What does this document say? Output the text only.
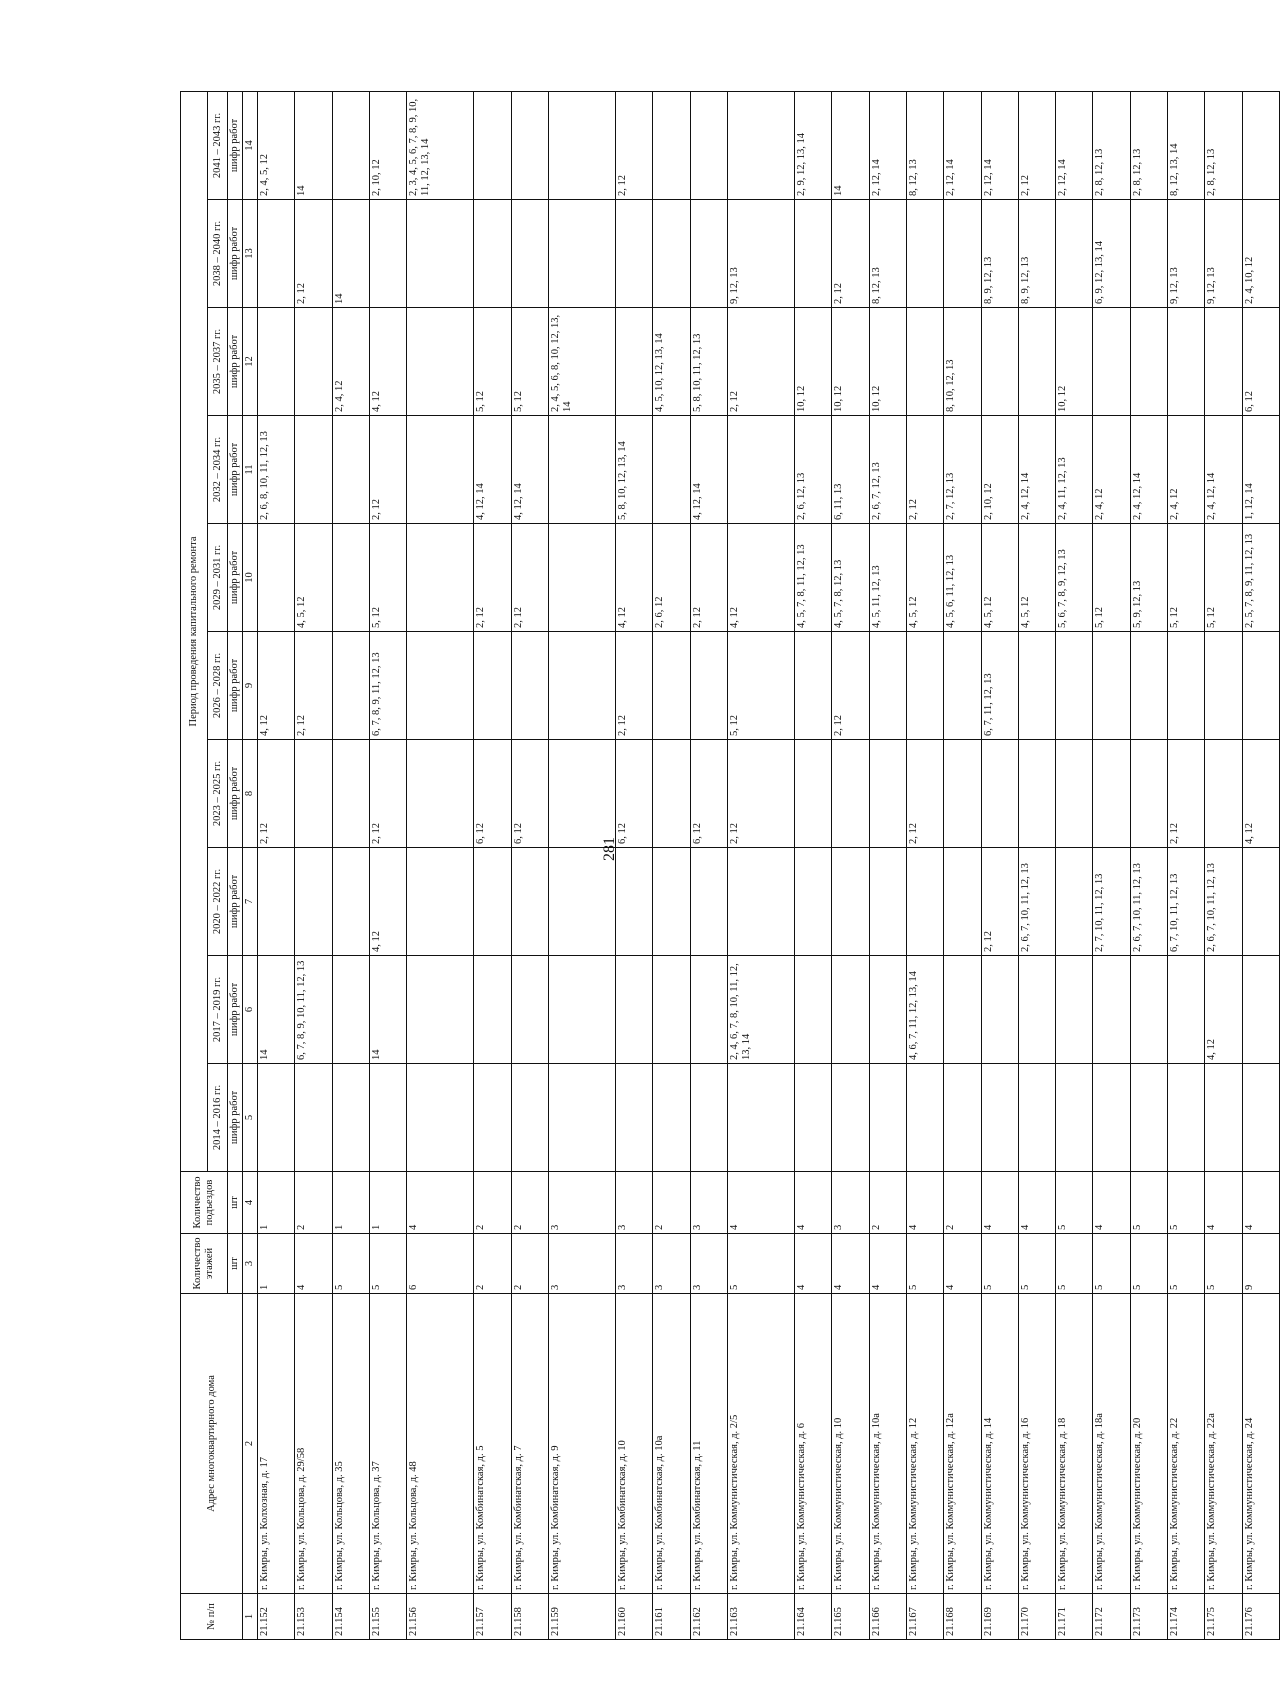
281
№ п/п	Адрес многоквартирного дома	Количество этажей	Количество подъездов	Период проведения капитального ремонта									
				2014 – 2016 гг.	2017 – 2019 гг.	2020 – 2022 гг.	2023 – 2025 гг.	2026 – 2028 гг.	2029 – 2031 гг.	2032 – 2034 гг.	2035 – 2037 гг.	2038 – 2040 гг.	2041 – 2043 гг.
		шт	шт	шифр работ	шифр работ	шифр работ	шифр работ	шифр работ	шифр работ	шифр работ	шифр работ	шифр работ	шифр работ
1	2	3	4	5	6	7	8	9	10	11	12	13	14
21.152	г. Кимры, ул. Колхозная, д. 17	1	1		14		2, 12	4, 12		2, 6, 8, 10, 11, 12, 13			2, 4, 5, 12
21.153	г. Кимры, ул. Кольцова, д. 29/58	4	2		6, 7, 8, 9, 10, 11, 12, 13			2, 12	4, 5, 12			2, 12	14
21.154	г. Кимры, ул. Кольцова, д. 35	5	1								2, 4, 12	14	
21.155	г. Кимры, ул. Кольцова, д. 37	5	1		14	4, 12	2, 12	6, 7, 8, 9, 11, 12, 13	5, 12	2, 12	4, 12		2, 10, 12
21.156	г. Кимры, ул. Кольцова, д. 48	6	4										2, 3, 4, 5, 6, 7, 8, 9, 10, 11, 12, 13, 14
21.157	г. Кимры, ул. Комбинатская, д. 5	2	2				6, 12		2, 12	4, 12, 14	5, 12		
21.158	г. Кимры, ул. Комбинатская, д. 7	2	2				6, 12		2, 12	4, 12, 14	5, 12		
21.159	г. Кимры, ул. Комбинатская, д. 9	3	3								2, 4, 5, 6, 8, 10, 12, 13, 14		
21.160	г. Кимры, ул. Комбинатская, д. 10	3	3				6, 12	2, 12	4, 12	5, 8, 10, 12, 13, 14			2, 12
21.161	г. Кимры, ул. Комбинатская, д. 10а	3	2						2, 6, 12		4, 5, 10, 12, 13, 14		
21.162	г. Кимры, ул. Комбинатская, д. 11	3	3				6, 12		2, 12	4, 12, 14	5, 8, 10, 11, 12, 13		
21.163	г. Кимры, ул. Коммунистическая, д. 2/5	5	4		2, 4, 6, 7, 8, 10, 11, 12, 13, 14		2, 12	5, 12	4, 12		2, 12	9, 12, 13	
21.164	г. Кимры, ул. Коммунистическая, д. 6	4	4						4, 5, 7, 8, 11, 12, 13	2, 6, 12, 13	10, 12		2, 9, 12, 13, 14
21.165	г. Кимры, ул. Коммунистическая, д. 10	4	3					2, 12	4, 5, 7, 8, 12, 13	6, 11, 13	10, 12	2, 12	14
21.166	г. Кимры, ул. Коммунистическая, д. 10а	4	2						4, 5, 11, 12, 13	2, 6, 7, 12, 13	10, 12	8, 12, 13	2, 12, 14
21.167	г. Кимры, ул. Коммунистическая, д. 12	5	4		4, 6, 7, 11, 12, 13, 14		2, 12		4, 5, 12	2, 12			8, 12, 13
21.168	г. Кимры, ул. Коммунистическая, д. 12а	4	2						4, 5, 6, 11, 12, 13	2, 7, 12, 13	8, 10, 12, 13		2, 12, 14
21.169	г. Кимры, ул. Коммунистическая, д. 14	5	4			2, 12		6, 7, 11, 12, 13	4, 5, 12	2, 10, 12		8, 9, 12, 13	2, 12, 14
21.170	г. Кимры, ул. Коммунистическая, д. 16	5	4			2, 6, 7, 10, 11, 12, 13			4, 5, 12	2, 4, 12, 14		8, 9, 12, 13	2, 12
21.171	г. Кимры, ул. Коммунистическая, д. 18	5	5						5, 6, 7, 8, 9, 12, 13	2, 4, 11, 12, 13	10, 12		2, 12, 14
21.172	г. Кимры, ул. Коммунистическая, д. 18а	5	4			2, 7, 10, 11, 12, 13			5, 12	2, 4, 12		6, 9, 12, 13, 14	2, 8, 12, 13
21.173	г. Кимры, ул. Коммунистическая, д. 20	5	5			2, 6, 7, 10, 11, 12, 13			5, 9, 12, 13	2, 4, 12, 14			2, 8, 12, 13
21.174	г. Кимры, ул. Коммунистическая, д. 22	5	5			6, 7, 10, 11, 12, 13	2, 12		5, 12	2, 4, 12		9, 12, 13	8, 12, 13, 14
21.175	г. Кимры, ул. Коммунистическая, д. 22а	5	4		4, 12	2, 6, 7, 10, 11, 12, 13			5, 12	2, 4, 12, 14		9, 12, 13	2, 8, 12, 13
21.176	г. Кимры, ул. Коммунистическая, д. 24	9	4				4, 12		2, 5, 7, 8, 9, 11, 12, 13	1, 12, 14	6, 12	2, 4, 10, 12	
